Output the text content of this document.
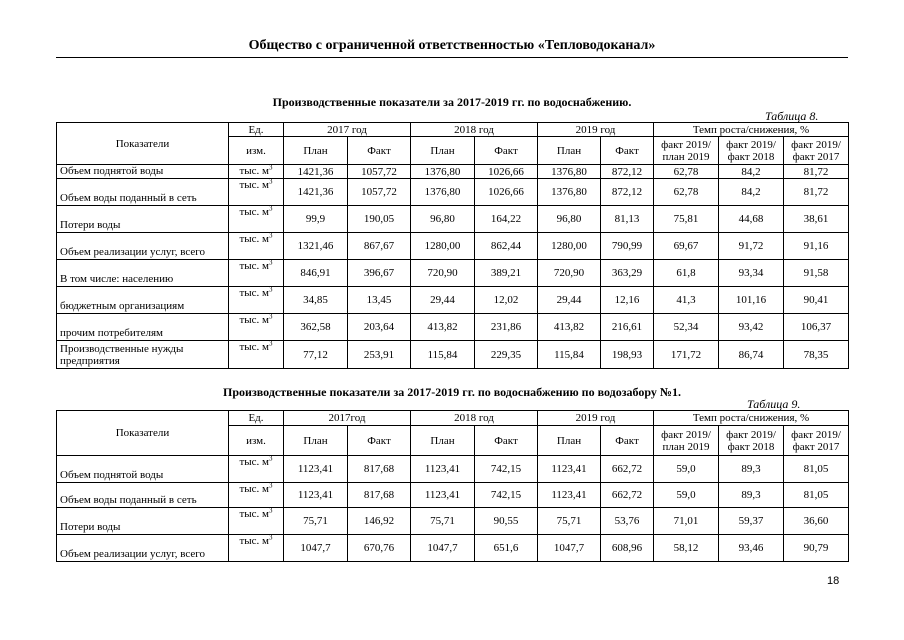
Общество с ограниченной ответственностью «Тепловодоканал»
Производственные показатели за 2017-2019 гг. по водоснабжению.
Таблица 8.
Показатели	Ед.	2017 год		2018 год		2019 год		Темп роста/снижения, %		
	изм.	План	Факт	План	Факт	План	Факт	факт 2019/ план 2019	факт 2019/ факт 2018	факт 2019/ факт 2017
Объем поднятой воды	тыс. $м^3$	1421,36	1057,72	1376,80	1026,66	1376,80	872,12	62,78	84,2	81,72
Объем воды поданный в сеть	тыс. $м^3$	1421,36	1057,72	1376,80	1026,66	1376,80	872,12	62,78	84,2	81,72
Потери воды	тыс. $м^3$	99,9	190,05	96,80	164,22	96,80	81,13	75,81	44,68	38,61
Объем реализации услуг, всего	тыс. $м^3$	1321,46	867,67	1280,00	862,44	1280,00	790,99	69,67	91,72	91,16
В том числе: населению	тыс. $м^3$	846,91	396,67	720,90	389,21	720,90	363,29	61,8	93,34	91,58
бюджетным организациям	тыс. $м^3$	34,85	13,45	29,44	12,02	29,44	12,16	41,3	101,16	90,41
прочим потребителям	тыс. $м^3$	362,58	203,64	413,82	231,86	413,82	216,61	52,34	93,42	106,37
Производственные нужды предприятия	тыс. $м^3$	77,12	253,91	115,84	229,35	115,84	198,93	171,72	86,74	78,35
Производственные показатели за 2017-2019 гг. по водоснабжению по водозабору №1.
Таблица 9.
Показатели	Ед.	2017год		2018 год		2019 год		Темп роста/снижения, %		
	изм.	План	Факт	План	Факт	План	Факт	факт 2019/ план 2019	факт 2019/ факт 2018	факт 2019/ факт 2017
Объем поднятой воды	тыс. $м^3$	1123,41	817,68	1123,41	742,15	1123,41	662,72	59,0	89,3	81,05
Объем воды поданный в сеть	тыс. $м^3$	1123,41	817,68	1123,41	742,15	1123,41	662,72	59,0	89,3	81,05
Потери воды	тыс. $м^3$	75,71	146,92	75,71	90,55	75,71	53,76	71,01	59,37	36,60
Объем реализации услуг, всего	тыс. $м^3$	1047,7	670,76	1047,7	651,6	1047,7	608,96	58,12	93,46	90,79
18
